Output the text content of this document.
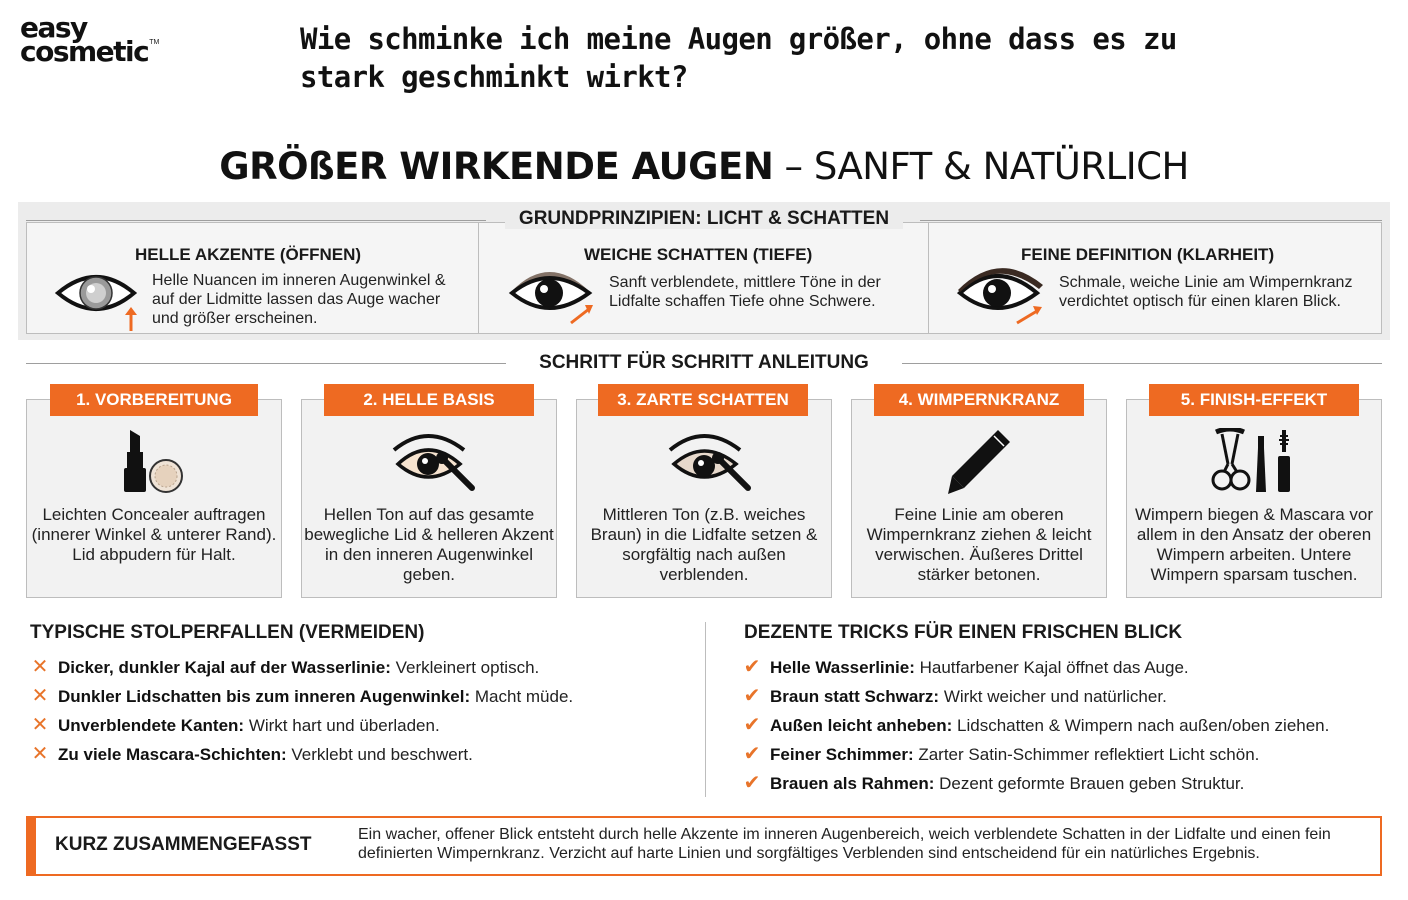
easy
cosmetic™	Wie schminke ich meine Augen größer, ohne dass es zu stark geschminkt wirkt?
GRÖßER WIRKENDE AUGEN – SANFT & NATÜRLICH
GRUNDPRINZIPIEN: LICHT & SCHATTEN
HELLE AKZENTE (ÖFFNEN)
Helle Nuancen im inneren Augenwinkel & auf der Lidmitte lassen das Auge wacher und größer erscheinen.
WEICHE SCHATTEN (TIEFE)
Sanft verblendete, mittlere Töne in der Lidfalte schaffen Tiefe ohne Schwere.
FEINE DEFINITION (KLARHEIT)
Schmale, weiche Linie am Wimpernkranz verdichtet optisch für einen klaren Blick.
SCHRITT FÜR SCHRITT ANLEITUNG
1. VORBEREITUNG
Leichten Concealer auftragen (innerer Winkel & unterer Rand). Lid abpudern für Halt.
2. HELLE BASIS
Hellen Ton auf das gesamte bewegliche Lid & helleren Akzent in den inneren Augenwinkel geben.
3. ZARTE SCHATTEN
Mittleren Ton (z.B. weiches Braun) in die Lidfalte setzen & sorgfältig nach außen verblenden.
4. WIMPERNKRANZ
Feine Linie am oberen Wimpernkranz ziehen & leicht verwischen. Äußeres Drittel stärker betonen.
5. FINISH-EFFEKT
Wimpern biegen & Mascara vor allem in den Ansatz der oberen Wimpern arbeiten. Untere Wimpern sparsam tuschen.
TYPISCHE STOLPERFALLEN (VERMEIDEN)	DEZENTE TRICKS FÜR EINEN FRISCHEN BLICK
✕ Dicker, dunkler Kajal auf der Wasserlinie: Verkleinert optisch.
✕ Dunkler Lidschatten bis zum inneren Augenwinkel: Macht müde.
✕ Unverblendete Kanten: Wirkt hart und überladen.
✕ Zu viele Mascara-Schichten: Verklebt und beschwert.
✔ Helle Wasserlinie: Hautfarbener Kajal öffnet das Auge.
✔ Braun statt Schwarz: Wirkt weicher und natürlicher.
✔ Außen leicht anheben: Lidschatten & Wimpern nach außen/oben ziehen.
✔ Feiner Schimmer: Zarter Satin-Schimmer reflektiert Licht schön.
✔ Brauen als Rahmen: Dezent geformte Brauen geben Struktur.
KURZ ZUSAMMENGEFASST	Ein wacher, offener Blick entsteht durch helle Akzente im inneren Augenbereich, weich verblendete Schatten in der Lidfalte und einen fein definierten Wimpernkranz. Verzicht auf harte Linien und sorgfältiges Verblenden sind entscheidend für ein natürliches Ergebnis.
